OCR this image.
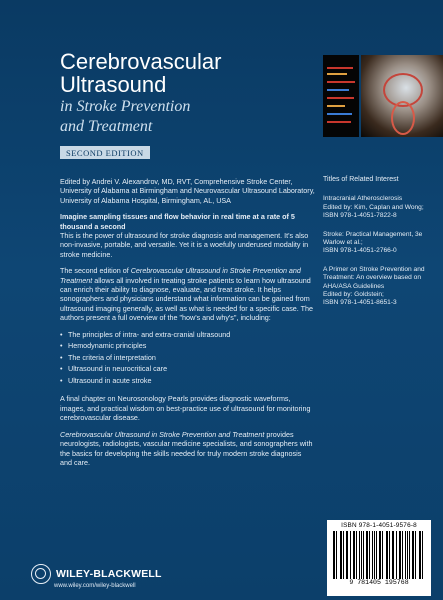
Cerebrovascular
Ultrasound
in Stroke Prevention
and Treatment
SECOND EDITION

Edited by Andrei V. Alexandrov, MD, RVT, Comprehensive Stroke Center, University of Alabama at Birmingham and Neurovascular Ultrasound Laboratory, University of Alabama Hospital, Birmingham, AL, USA

Imagine sampling tissues and flow behavior in real time at a rate of 5 thousand a second

This is the power of ultrasound for stroke diagnosis and management. It's also non-invasive, portable, and versatile. Yet it is a woefully underused modality in stroke medicine.

The second edition of Cerebrovascular Ultrasound in Stroke Prevention and Treatment allows all involved in treating stroke patients to learn how ultrasound can enrich their ability to diagnose, evaluate, and treat stroke. It helps sonographers and physicians understand what information can be gained from ultrasound imaging generally, as well as what is needed for a specific case. The authors present a full overview of the "how's and why's", including:

• The principles of intra- and extra-cranial ultrasound
• Hemodynamic principles
• The criteria of interpretation
• Ultrasound in neurocritical care
• Ultrasound in acute stroke

A final chapter on Neurosonology Pearls provides diagnostic waveforms, images, and practical wisdom on best-practice use of ultrasound for monitoring cerebrovascular disease.

Cerebrovascular Ultrasound in Stroke Prevention and Treatment provides neurologists, radiologists, vascular medicine specialists, and sonographers with the basics for developing the skills needed for truly modern stroke diagnosis and care.

Titles of Related Interest
Intracranial Atherosclerosis
Edited by: Kim, Caplan and Wong;
ISBN 978-1-4051-7822-8
Stroke: Practical Management, 3e
Warlow et al.;
ISBN 978-1-4051-2766-0
A Primer on Stroke Prevention and Treatment: An overview based on AHA/ASA Guidelines
Edited by: Goldstein;
ISBN 978-1-4051-8651-3
ISBN 978-1-4051-9576-8
9 781405 195768
WILEY-BLACKWELL
www.wiley.com/wiley-blackwell
